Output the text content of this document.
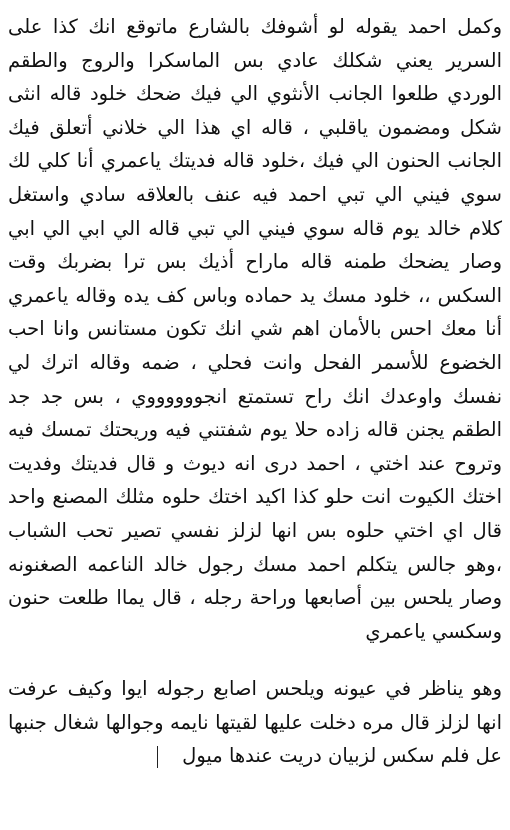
وكمل احمد يقوله لو أشوفك بالشارع ماتوقع انك كذا على السرير يعني شكلك عادي بس الماسكرا والروج والطقم الوردي طلعوا الجانب الأنثوي الي فيك ضحك خلود قاله انثى شكل ومضمون ياقلبي ، قاله اي هذا الي خلاني أتعلق فيك الجانب الحنون الي فيك ،خلود قاله فديتك ياعمري أنا كلي لك سوي فيني الي تبي احمد فيه عنف بالعلاقه سادي واستغل كلام خالد يوم قاله سوي فيني الي تبي قاله الي ابي الي ابي وصار يضحك طمنه قاله ماراح أذيك بس ترا بضربك وقت السكس ،، خلود مسك يد حماده وباس كف يده وقاله ياعمري أنا معك احس بالأمان اهم شي انك تكون مستانس وانا احب الخضوع للأسمر الفحل وانت فحلي ، ضمه وقاله اترك لي نفسك واوعدك انك راح تستمتع انجووووووي ، بس جد جد الطقم يجنن قاله زاده حلا يوم شفتني فيه وريحتك تمسك فيه وتروح عند اختي ، احمد درى انه ديوث و قال فديتك وفديت اختك الكيوت انت حلو كذا اكيد اختك حلوه مثلك المصنع واحد قال اي اختي حلوه بس انها لزلز نفسي تصير تحب الشباب ،وهو جالس يتكلم احمد مسك رجول خالد الناعمه الصغنونه وصار يلحس بين أصابعها وراحة رجله ، قال يماا طلعت حنون وسكسي ياعمري

وهو يناظر في عيونه ويلحس اصابع رجوله ايوا وكيف عرفت انها لزلز قال مره دخلت عليها لقيتها نايمه وجوالها شغال جنبها عل فلم سكس لزبيان دريت عندها ميول
